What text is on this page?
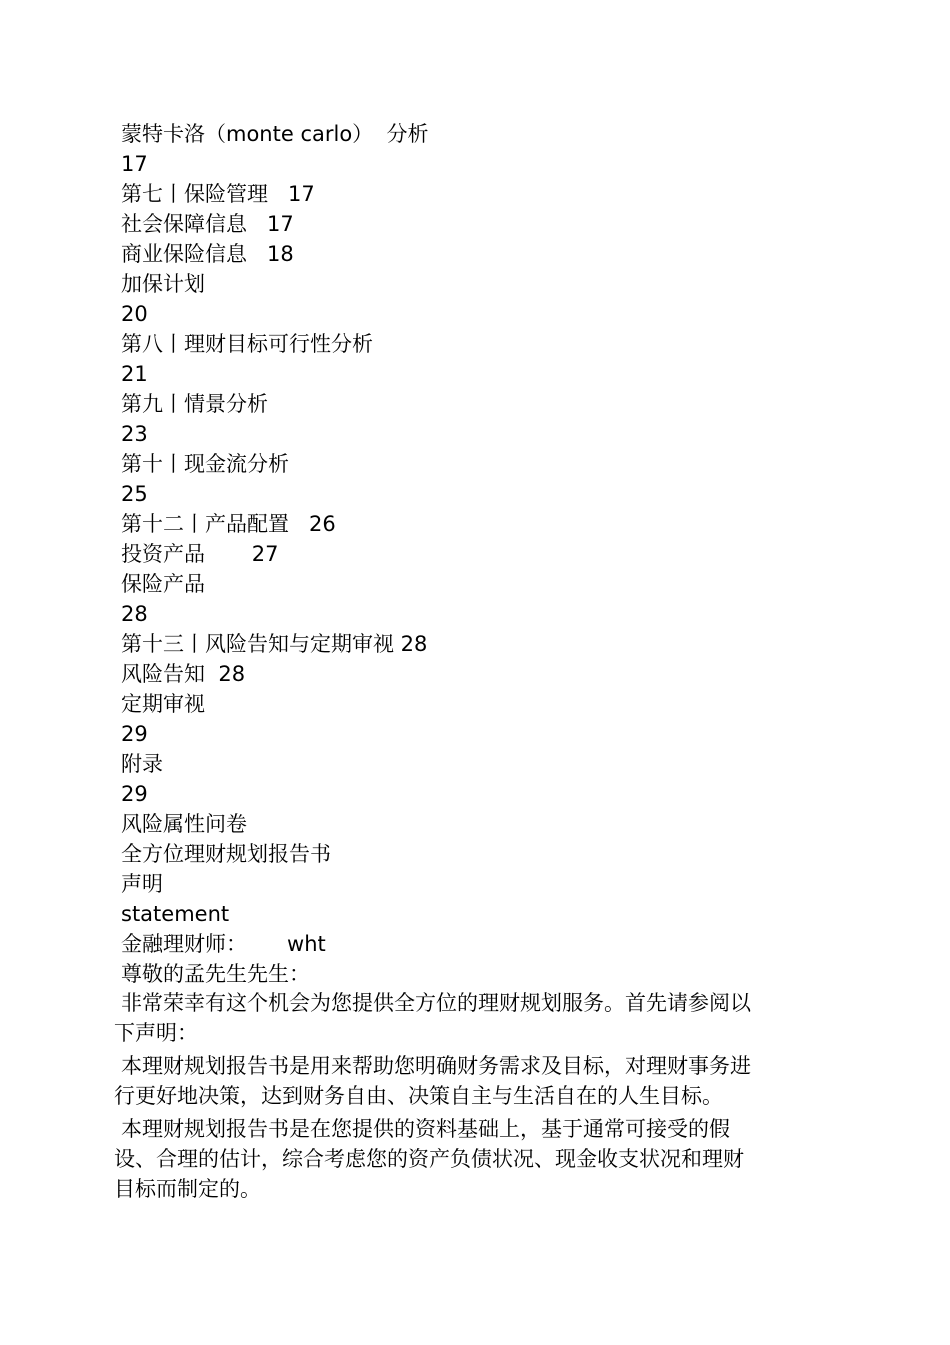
蒙特卡洛（monte carlo）  分析
17
第七丨保险管理   17
社会保障信息   17
商业保险信息   18
加保计划
20
第八丨理财目标可行性分析
21
第九丨情景分析
23
第十丨现金流分析
25
第十二丨产品配置   26
投资产品       27
保险产品
28
第十三丨风险告知与定期审视 28
风险告知  28
定期审视
29
附录
29
风险属性问卷
全方位理财规划报告书
声明
statement
金融理财师：      wht
尊敬的孟先生先生：

非常荣幸有这个机会为您提供全方位的理财规划服务。首先请参阅以下声明：

本理财规划报告书是用来帮助您明确财务需求及目标，对理财事务进行更好地决策，达到财务自由、决策自主与生活自在的人生目标。

本理财规划报告书是在您提供的资料基础上，基于通常可接受的假设、合理的估计，综合考虑您的资产负债状况、现金收支状况和理财目标而制定的。
